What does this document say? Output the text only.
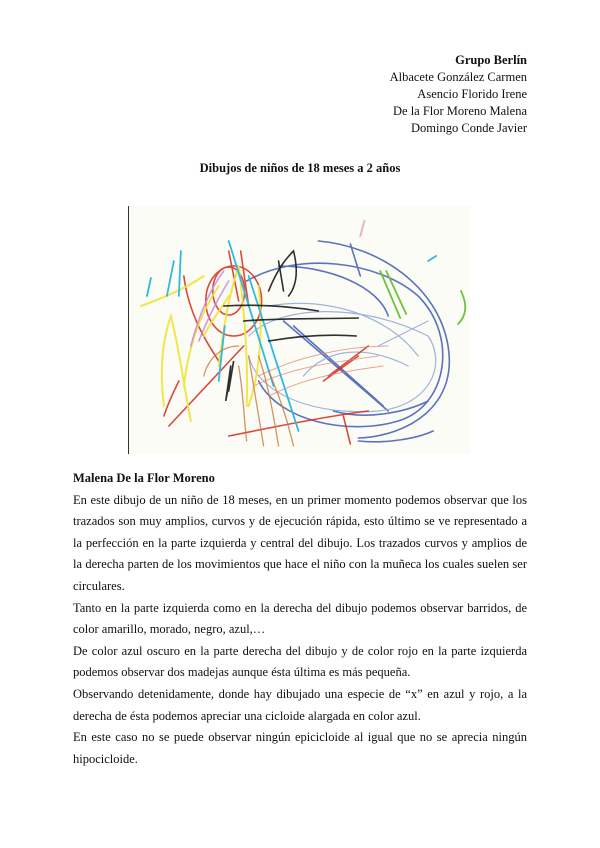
Grupo Berlín
Albacete González Carmen
Asencio Florido Irene
De la Flor Moreno Malena
Domingo Conde Javier
Dibujos de niños de 18 meses a 2 años
Malena De la Flor Moreno

En este dibujo de un niño de 18 meses, en un primer momento podemos observar que los trazados son muy amplios, curvos y de ejecución rápida, esto último se ve representado a la perfección en la parte izquierda y central del dibujo. Los trazados curvos y amplios de la derecha parten de los movimientos que hace el niño con la muñeca los cuales suelen ser circulares.

Tanto en la parte izquierda como en la derecha del dibujo podemos observar barridos, de color amarillo, morado, negro, azul,…

De color azul oscuro en la parte derecha del dibujo y de color rojo en la parte izquierda podemos observar dos madejas aunque ésta última es más pequeña.

Observando detenidamente, donde hay dibujado una especie de “x” en azul y rojo, a la derecha de ésta podemos apreciar una cicloide alargada en color azul.

En este caso no se puede observar ningún epicicloide al igual que no se aprecia ningún hipocicloide.
